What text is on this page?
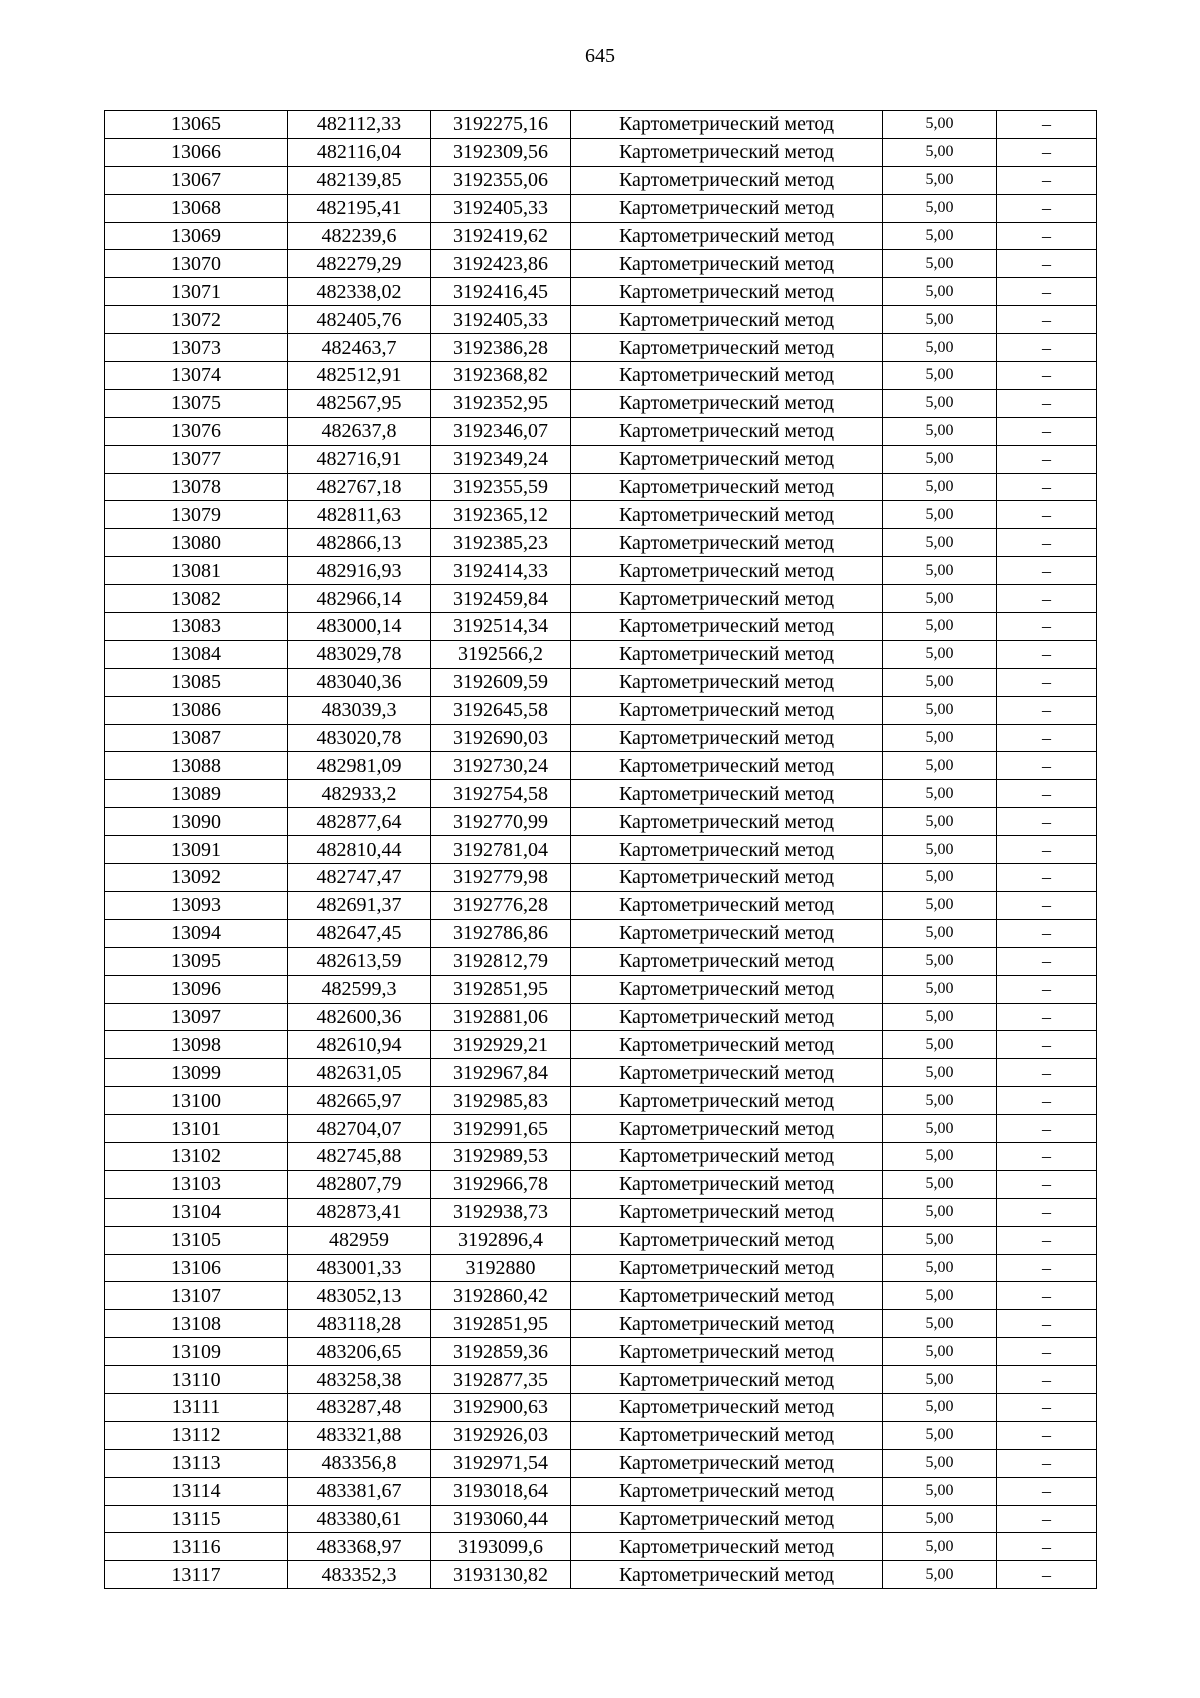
645
13065	482112,33	3192275,16	Картометрический метод	5,00	–
13066	482116,04	3192309,56	Картометрический метод	5,00	–
13067	482139,85	3192355,06	Картометрический метод	5,00	–
13068	482195,41	3192405,33	Картометрический метод	5,00	–
13069	482239,6	3192419,62	Картометрический метод	5,00	–
13070	482279,29	3192423,86	Картометрический метод	5,00	–
13071	482338,02	3192416,45	Картометрический метод	5,00	–
13072	482405,76	3192405,33	Картометрический метод	5,00	–
13073	482463,7	3192386,28	Картометрический метод	5,00	–
13074	482512,91	3192368,82	Картометрический метод	5,00	–
13075	482567,95	3192352,95	Картометрический метод	5,00	–
13076	482637,8	3192346,07	Картометрический метод	5,00	–
13077	482716,91	3192349,24	Картометрический метод	5,00	–
13078	482767,18	3192355,59	Картометрический метод	5,00	–
13079	482811,63	3192365,12	Картометрический метод	5,00	–
13080	482866,13	3192385,23	Картометрический метод	5,00	–
13081	482916,93	3192414,33	Картометрический метод	5,00	–
13082	482966,14	3192459,84	Картометрический метод	5,00	–
13083	483000,14	3192514,34	Картометрический метод	5,00	–
13084	483029,78	3192566,2	Картометрический метод	5,00	–
13085	483040,36	3192609,59	Картометрический метод	5,00	–
13086	483039,3	3192645,58	Картометрический метод	5,00	–
13087	483020,78	3192690,03	Картометрический метод	5,00	–
13088	482981,09	3192730,24	Картометрический метод	5,00	–
13089	482933,2	3192754,58	Картометрический метод	5,00	–
13090	482877,64	3192770,99	Картометрический метод	5,00	–
13091	482810,44	3192781,04	Картометрический метод	5,00	–
13092	482747,47	3192779,98	Картометрический метод	5,00	–
13093	482691,37	3192776,28	Картометрический метод	5,00	–
13094	482647,45	3192786,86	Картометрический метод	5,00	–
13095	482613,59	3192812,79	Картометрический метод	5,00	–
13096	482599,3	3192851,95	Картометрический метод	5,00	–
13097	482600,36	3192881,06	Картометрический метод	5,00	–
13098	482610,94	3192929,21	Картометрический метод	5,00	–
13099	482631,05	3192967,84	Картометрический метод	5,00	–
13100	482665,97	3192985,83	Картометрический метод	5,00	–
13101	482704,07	3192991,65	Картометрический метод	5,00	–
13102	482745,88	3192989,53	Картометрический метод	5,00	–
13103	482807,79	3192966,78	Картометрический метод	5,00	–
13104	482873,41	3192938,73	Картометрический метод	5,00	–
13105	482959	3192896,4	Картометрический метод	5,00	–
13106	483001,33	3192880	Картометрический метод	5,00	–
13107	483052,13	3192860,42	Картометрический метод	5,00	–
13108	483118,28	3192851,95	Картометрический метод	5,00	–
13109	483206,65	3192859,36	Картометрический метод	5,00	–
13110	483258,38	3192877,35	Картометрический метод	5,00	–
13111	483287,48	3192900,63	Картометрический метод	5,00	–
13112	483321,88	3192926,03	Картометрический метод	5,00	–
13113	483356,8	3192971,54	Картометрический метод	5,00	–
13114	483381,67	3193018,64	Картометрический метод	5,00	–
13115	483380,61	3193060,44	Картометрический метод	5,00	–
13116	483368,97	3193099,6	Картометрический метод	5,00	–
13117	483352,3	3193130,82	Картометрический метод	5,00	–
